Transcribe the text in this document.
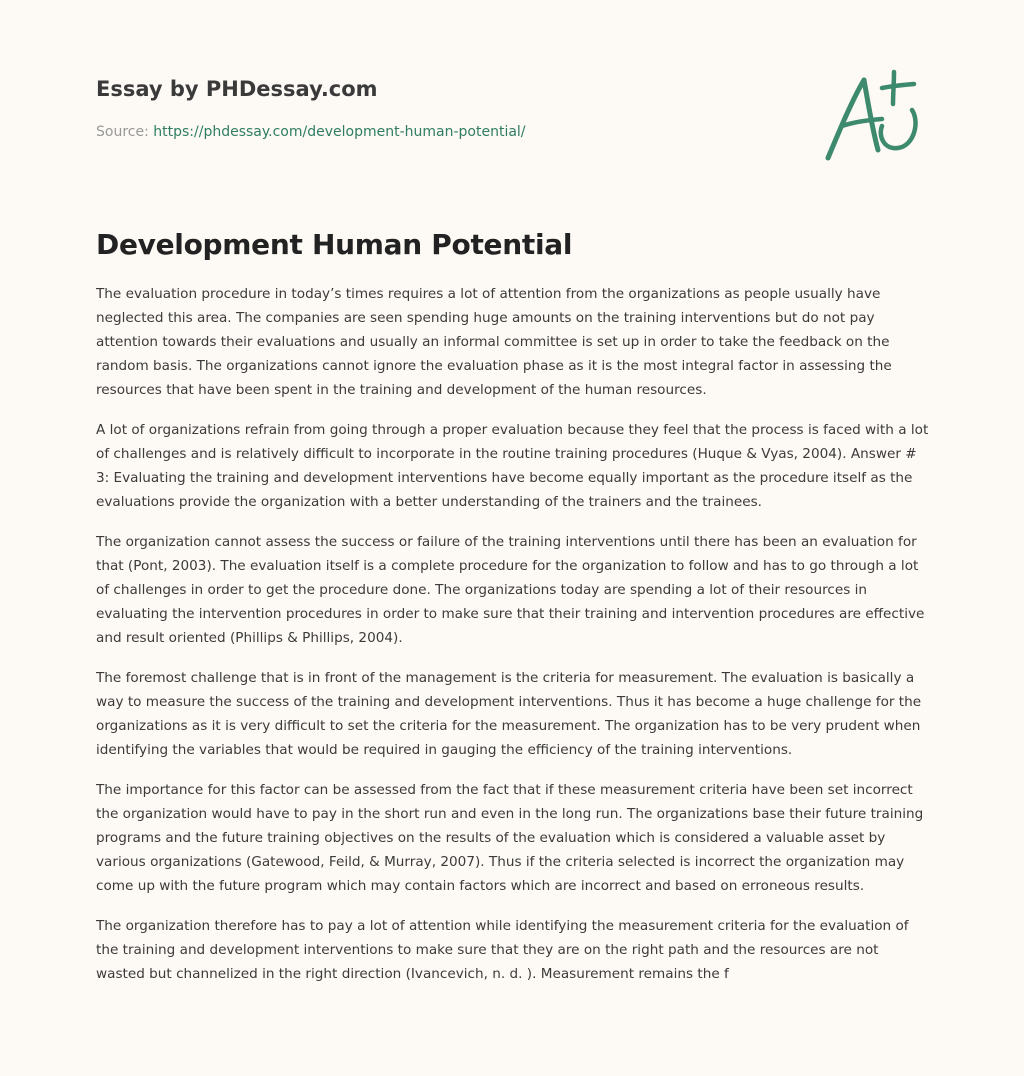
Essay by PHDessay.com
Source: https://phdessay.com/development-human-potential/
Development Human Potential

The evaluation procedure in today’s times requires a lot of attention from the organizations as people usually have neglected this area. The companies are seen spending huge amounts on the training interventions but do not pay attention towards their evaluations and usually an informal committee is set up in order to take the feedback on the random basis. The organizations cannot ignore the evaluation phase as it is the most integral factor in assessing the resources that have been spent in the training and development of the human resources.

A lot of organizations refrain from going through a proper evaluation because they feel that the process is faced with a lot of challenges and is relatively difficult to incorporate in the routine training procedures (Huque & Vyas, 2004). Answer # 3: Evaluating the training and development interventions have become equally important as the procedure itself as the evaluations provide the organization with a better understanding of the trainers and the trainees.

The organization cannot assess the success or failure of the training interventions until there has been an evaluation for that (Pont, 2003). The evaluation itself is a complete procedure for the organization to follow and has to go through a lot of challenges in order to get the procedure done. The organizations today are spending a lot of their resources in evaluating the intervention procedures in order to make sure that their training and intervention procedures are effective and result oriented (Phillips & Phillips, 2004).

The foremost challenge that is in front of the management is the criteria for measurement. The evaluation is basically a way to measure the success of the training and development interventions. Thus it has become a huge challenge for the organizations as it is very difficult to set the criteria for the measurement. The organization has to be very prudent when identifying the variables that would be required in gauging the efficiency of the training interventions.

The importance for this factor can be assessed from the fact that if these measurement criteria have been set incorrect the organization would have to pay in the short run and even in the long run. The organizations base their future training programs and the future training objectives on the results of the evaluation which is considered a valuable asset by various organizations (Gatewood, Feild, & Murray, 2007). Thus if the criteria selected is incorrect the organization may come up with the future program which may contain factors which are incorrect and based on erroneous results.

The organization therefore has to pay a lot of attention while identifying the measurement criteria for the evaluation of the training and development interventions to make sure that they are on the right path and the resources are not wasted but channelized in the right direction (Ivancevich, n. d. ). Measurement remains the f
